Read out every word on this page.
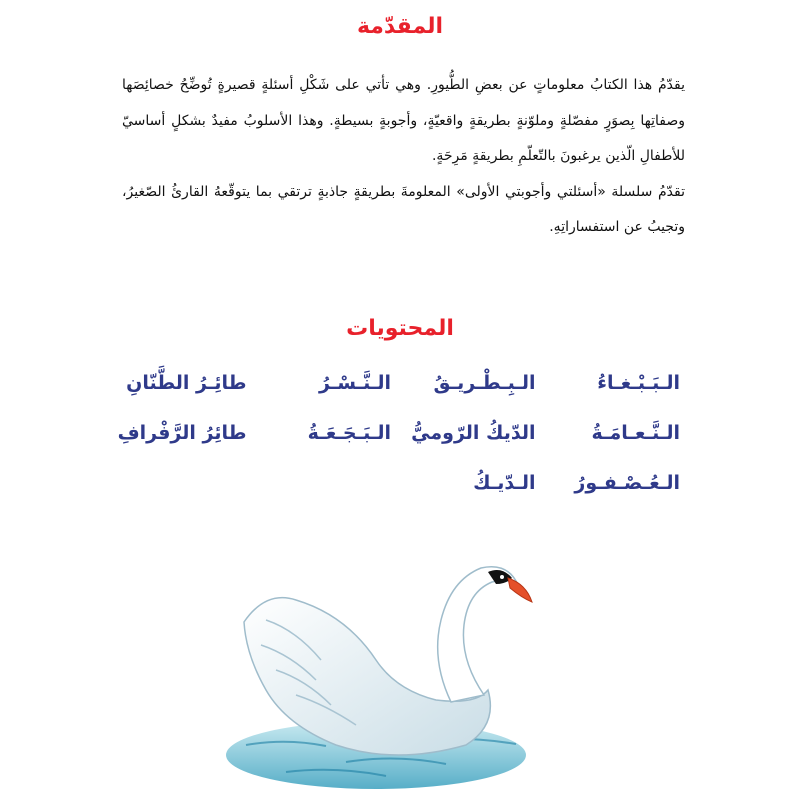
المقدّمة

يقدّمُ هذا الكتابُ معلوماتٍ عن بعضِ الطُّيورِ. وهي تأتي على شَكْلِ أسئلةٍ قصيرةٍ تُوضِّحُ خصائِصَها وصفاتِها بِصوَرٍ مفصّلةٍ وملوّنةٍ بطريقةٍ واقعيّةٍ، وأجوبةٍ بسيطةٍ. وهذا الأسلوبُ مفيدٌ بشكلٍ أساسيّ للأطفالِ الّذين يرغبونَ بالتّعلّمِ بطريقةٍ مَرِحَةٍ.

تقدّمُ سلسلة «أسئلتي وأجوبتي الأولى» المعلومةَ بطريقةٍ جاذبةٍ ترتقي بما يتوقّعهُ القارئُ الصّغيرُ، وتجيبُ عن استفساراتِهِ.

المحتويات
الـبَـبْـغـاءُ
الـبِـطْـريـقُ
الـنَّـسْـرُ
طائِـرُ الطَّنّانِ
الـنَّـعـامَـةُ
الدّيكُ الرّوميُّ
الـبَـجَـعَـةُ
طائِرُ الرَّفْرافِ
الـعُـصْـفـورُ
الـدّيـكُ
